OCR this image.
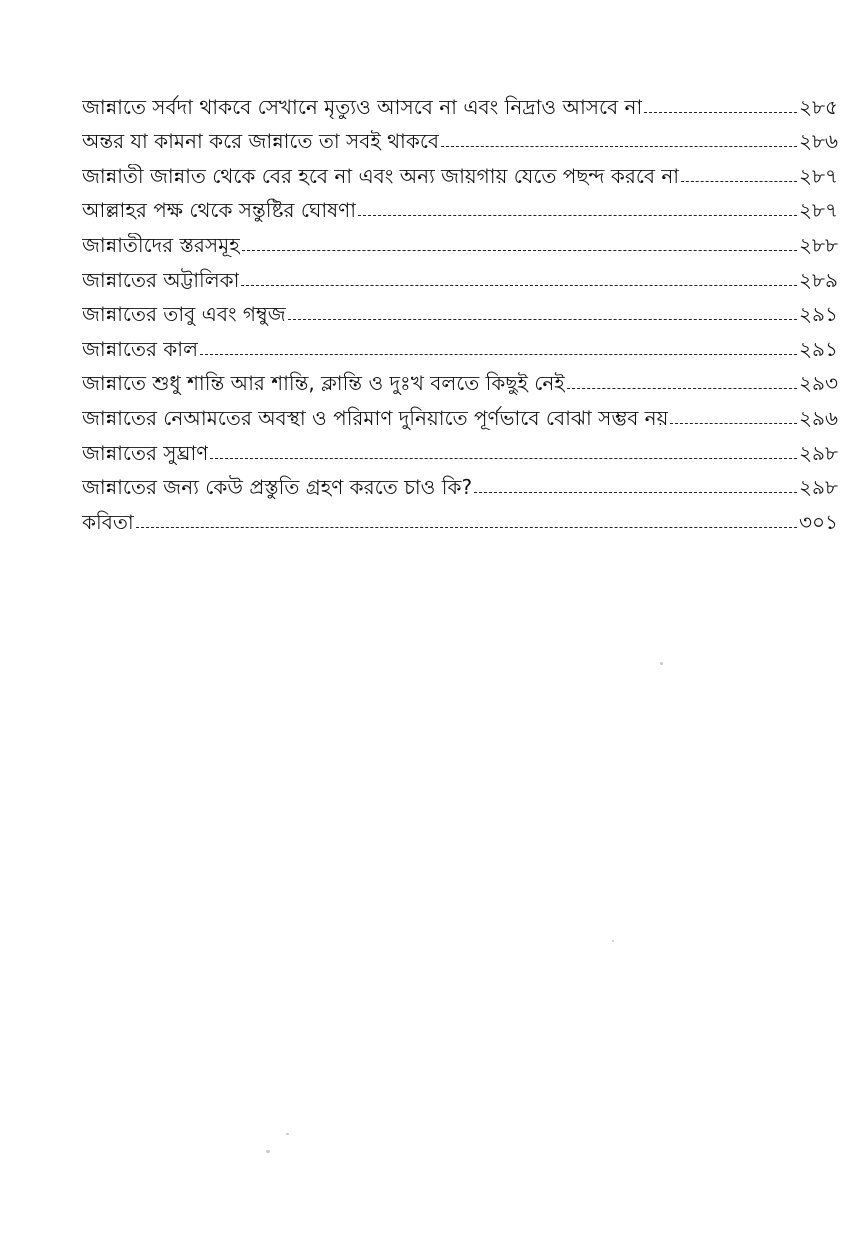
জান্নাতে সর্বদা থাকবে সেখানে মৃত্যুও আসবে না এবং নিদ্রাও আসবে না	২৮৫
অন্তর যা কামনা করে জান্নাতে তা সবই থাকবে	২৮৬
জান্নাতী জান্নাত থেকে বের হবে না এবং অন্য জায়গায় যেতে পছন্দ করবে না	২৮৭
আল্লাহর পক্ষ থেকে সন্তুষ্টির ঘোষণা	২৮৭
জান্নাতীদের স্তরসমূহ	২৮৮
জান্নাতের অট্টালিকা	২৮৯
জান্নাতের তাবু এবং গম্বুজ	২৯১
জান্নাতের কাল	২৯১
জান্নাতে শুধু শান্তি আর শান্তি, ক্লান্তি ও দুঃখ বলতে কিছুই নেই	২৯৩
জান্নাতের নেআমতের অবস্থা ও পরিমাণ দুনিয়াতে পূর্ণভাবে বোঝা সম্ভব নয়	২৯৬
জান্নাতের সুঘ্রাণ	২৯৮
জান্নাতের জন্য কেউ প্রস্তুতি গ্রহণ করতে চাও কি?	২৯৮
কবিতা	৩০১
